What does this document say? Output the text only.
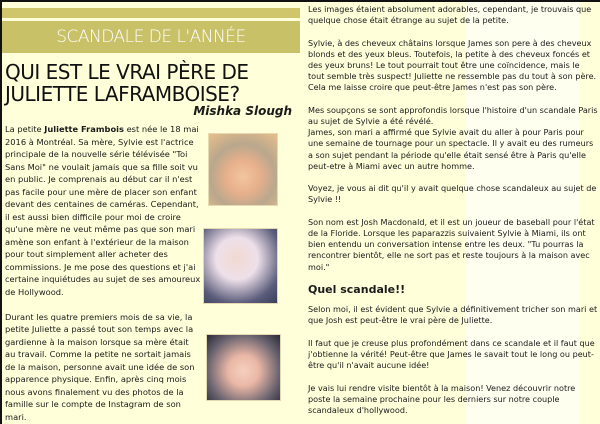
SCANDALE DE L'ANNÉE
QUI EST LE VRAI PÈRE DE JULIETTE LAFRAMBOISE?
Mishka Slough

La petite Juliette Frambois est née le 18 mai 2016 à Montréal. Sa mère, Sylvie est l'actrice principale de la nouvelle série télévisée "Toi Sans Moi" ne voulait jamais que sa fille soit vu en public. Je comprenais au début car il n'est pas facile pour une mère de placer son enfant devant des centaines de caméras. Cependant, il est aussi bien difficile pour moi de croire qu'une mère ne veut même pas que son mari amène son enfant à l'extérieur de la maison pour tout simplement aller acheter des commissions. Je me pose des questions et j'ai certaine inquiétudes au sujet de ses amoureux de Hollywood.

Durant les quatre premiers mois de sa vie, la petite Juliette a passé tout son temps avec la gardienne à la maison lorsque sa mère était au travail. Comme la petite ne sortait jamais de la maison, personne avait une idée de son apparence physique. Enfin, après cinq mois nous avons finalement vu des photos de la famille sur le compte de Instagram de son mari.

Les images étaient absolument adorables, cependant, je trouvais que quelque chose était étrange au sujet de la petite.

Sylvie, à des cheveux châtains lorsque James son pere à des cheveux blonds et des yeux bleus. Toutefois, la petite à des cheveux foncés et des yeux bruns! Le tout pourrait tout être une coïncidence, mais le tout semble très suspect! Juliette ne ressemble pas du tout à son père. Cela me laisse croire que peut-être James n'est pas son père.

Mes soupçons se sont approfondis lorsque l'histoire d'un scandale Paris au sujet de Sylvie a été révélé.
James, son mari a affirmé que Sylvie avait du aller à pour Paris pour une semaine de tournage pour un spectacle. Il y avait eu des rumeurs a son sujet pendant la période qu'elle était sensé être à Paris qu'elle peut-etre à Miami avec un autre homme.

Voyez, je vous ai dit qu'il y avait quelque chose scandaleux au sujet de Sylvie !!

Son nom est Josh Macdonald, et il est un joueur de baseball pour l'état de la Floride. Lorsque les paparazzis suivaient Sylvie à Miami, ils ont bien entendu un conversation intense entre les deux. "Tu pourras la rencontrer bientôt, elle ne sort pas et reste toujours à la maison avec moi."

Quel scandale!!

Selon moi, il est évident que Sylvie a définitivement tricher son mari et que Josh est peut-être le vrai père de Juliette.

Il faut que je creuse plus profondément dans ce scandale et il faut que j'obtienne la vérité! Peut-être que James le savait tout le long ou peut-être qu'il n'avait aucune idée!

Je vais lui rendre visite bientôt à la maison! Venez découvrir notre poste la semaine prochaine pour les derniers sur notre couple scandaleux d'hollywood.
